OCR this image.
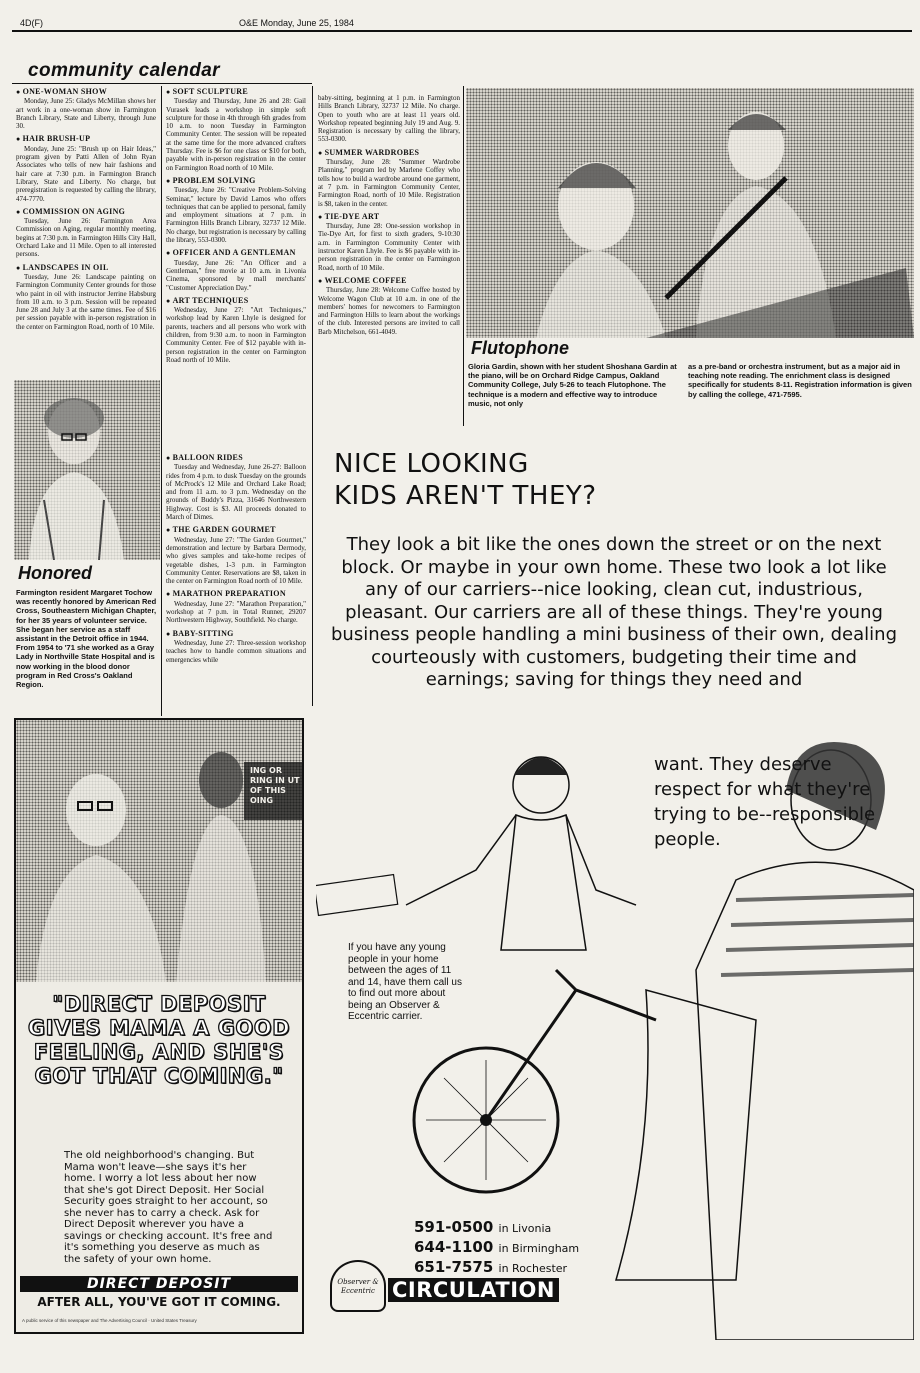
4D(F)	O&E Monday, June 25, 1984
community calendar
● ONE-WOMAN SHOW

Monday, June 25: Gladys McMillan shows her art work in a one-woman show in Farmington Branch Library, State and Liberty, through June 30.

● HAIR BRUSH-UP

Monday, June 25: "Brush up on Hair Ideas," program given by Patti Allen of John Ryan Associates who tells of new hair fashions and hair care at 7:30 p.m. in Farmington Branch Library, State and Liberty. No charge, but preregistration is requested by calling the library, 474-7770.

● COMMISSION ON AGING

Tuesday, June 26: Farmington Area Commission on Aging, regular monthly meeting, begins at 7:30 p.m. in Farmington Hills City Hall, Orchard Lake and 11 Mile. Open to all interested persons.

● LANDSCAPES IN OIL

Tuesday, June 26: Landscape painting on Farmington Community Center grounds for those who paint in oil with instructor Jerrine Habsburg from 10 a.m. to 3 p.m. Session will be repeated June 28 and July 3 at the same times. Fee of $16 per session payable with in-person registration in the center on Farmington Road, north of 10 Mile.

● SOFT SCULPTURE

Tuesday and Thursday, June 26 and 28: Gail Vurasek leads a workshop in simple soft sculpture for those in 4th through 6th grades from 10 a.m. to noon Tuesday in Farmington Community Center. The session will be repeated at the same time for the more advanced crafters Thursday. Fee is $6 for one class or $10 for both, payable with in-person registration in the center on Farmington Road north of 10 Mile.

● PROBLEM SOLVING

Tuesday, June 26: "Creative Problem-Solving Seminar," lecture by David Lamos who offers techniques that can be applied to personal, family and employment situations at 7 p.m. in Farmington Hills Branch Library, 32737 12 Mile. No charge, but registration is necessary by calling the library, 553-0300.

● OFFICER AND A GENTLEMAN

Tuesday, June 26: "An Officer and a Gentleman," free movie at 10 a.m. in Livonia Cinema, sponsored by mall merchants' "Customer Appreciation Day."

● ART TECHNIQUES

Wednesday, June 27: "Art Techniques," workshop lead by Karen Lhyle is designed for parents, teachers and all persons who work with children, from 9:30 a.m. to noon in Farmington Community Center. Fee of $12 payable with in-person registration in the center on Farmington Road north of 10 Mile.

● BALLOON RIDES

Tuesday and Wednesday, June 26-27: Balloon rides from 4 p.m. to dusk Tuesday on the grounds of McProck's 12 Mile and Orchard Lake Road; and from 11 a.m. to 3 p.m. Wednesday on the grounds of Buddy's Pizza, 31646 Northwestern Highway. Cost is $3. All proceeds donated to March of Dimes.

● THE GARDEN GOURMET

Wednesday, June 27: "The Garden Gourmet," demonstration and lecture by Barbara Dermody, who gives samples and take-home recipes of vegetable dishes, 1-3 p.m. in Farmington Community Center. Reservations are $8, taken in the center on Farmington Road north of 10 Mile.

● MARATHON PREPARATION

Wednesday, June 27: "Marathon Preparation," workshop at 7 p.m. in Total Runner, 29207 Northwestern Highway, Southfield. No charge.

● BABY-SITTING

Wednesday, June 27: Three-session workshop teaches how to handle common situations and emergencies while

baby-sitting, beginning at 1 p.m. in Farmington Hills Branch Library, 32737 12 Mile. No charge. Open to youth who are at least 11 years old. Workshop repeated beginning July 19 and Aug. 9. Registration is necessary by calling the library, 553-0300.

● SUMMER WARDROBES

Thursday, June 28: "Summer Wardrobe Planning," program led by Marlene Coffey who tells how to build a wardrobe around one garment, at 7 p.m. in Farmington Community Center, Farmington Road, north of 10 Mile. Registration is $8, taken in the center.

● TIE-DYE ART

Thursday, June 28: One-session workshop in Tie-Dye Art, for first to sixth graders, 9-10:30 a.m. in Farmington Community Center with instructor Karen Lhyle. Fee is $6 payable with in-person registration in the center on Farmington Road, north of 10 Mile.

● WELCOME COFFEE

Thursday, June 28: Welcome Coffee hosted by Welcome Wagon Club at 10 a.m. in one of the members' homes for newcomers to Farmington and Farmington Hills to learn about the workings of the club. Interested persons are invited to call Barb Mitchelson, 661-4049.

Honored
Farmington resident Margaret Tochow was recently honored by American Red Cross, Southeastern Michigan Chapter, for her 35 years of volunteer service. She began her service as a staff assistant in the Detroit office in 1944. From 1954 to '71 she worked as a Gray Lady in Northville State Hospital and is now working in the blood donor program in Red Cross's Oakland Region.
Flutophone
Gloria Gardin, shown with her student Shoshana Gardin at the piano, will be on Orchard Ridge Campus, Oakland Community College, July 5-26 to teach Flutophone. The technique is a modern and effective way to introduce music, not only
as a pre-band or orchestra instrument, but as a major aid in teaching note reading. The enrichment class is designed specifically for students 8-11. Registration information is given by calling the college, 471-7595.
ING OR RING IN UT OF THIS OING
"DIRECT DEPOSIT GIVES MAMA A GOOD FEELING, AND SHE'S GOT THAT COMING."
The old neighborhood's changing. But Mama won't leave—she says it's her home. I worry a lot less about her now that she's got Direct Deposit. Her Social Security goes straight to her account, so she never has to carry a check. Ask for Direct Deposit wherever you have a savings or checking account. It's free and it's something you deserve as much as the safety of your own home.
DIRECT DEPOSIT
AFTER ALL, YOU'VE GOT IT COMING.
A public service of this newspaper and The Advertising Council · United States Treasury
NICE LOOKING
KIDS AREN'T THEY?
They look a bit like the ones down the street or on the next block. Or maybe in your own home. These two look a lot like any of our carriers--nice looking, clean cut, industrious, pleasant. Our carriers are all of these things. They're young business people handling a mini business of their own, dealing courteously with customers, budgeting their time and earnings; saving for things they need and
want. They deserve respect for what they're trying to be--responsible people.
If you have any young people in your home between the ages of 11 and 14, have them call us to find out more about being an Observer & Eccentric carrier.
591-0500 in Livonia
644-1100 in Birmingham
651-7575 in Rochester
Observer & Eccentric CIRCULATION
